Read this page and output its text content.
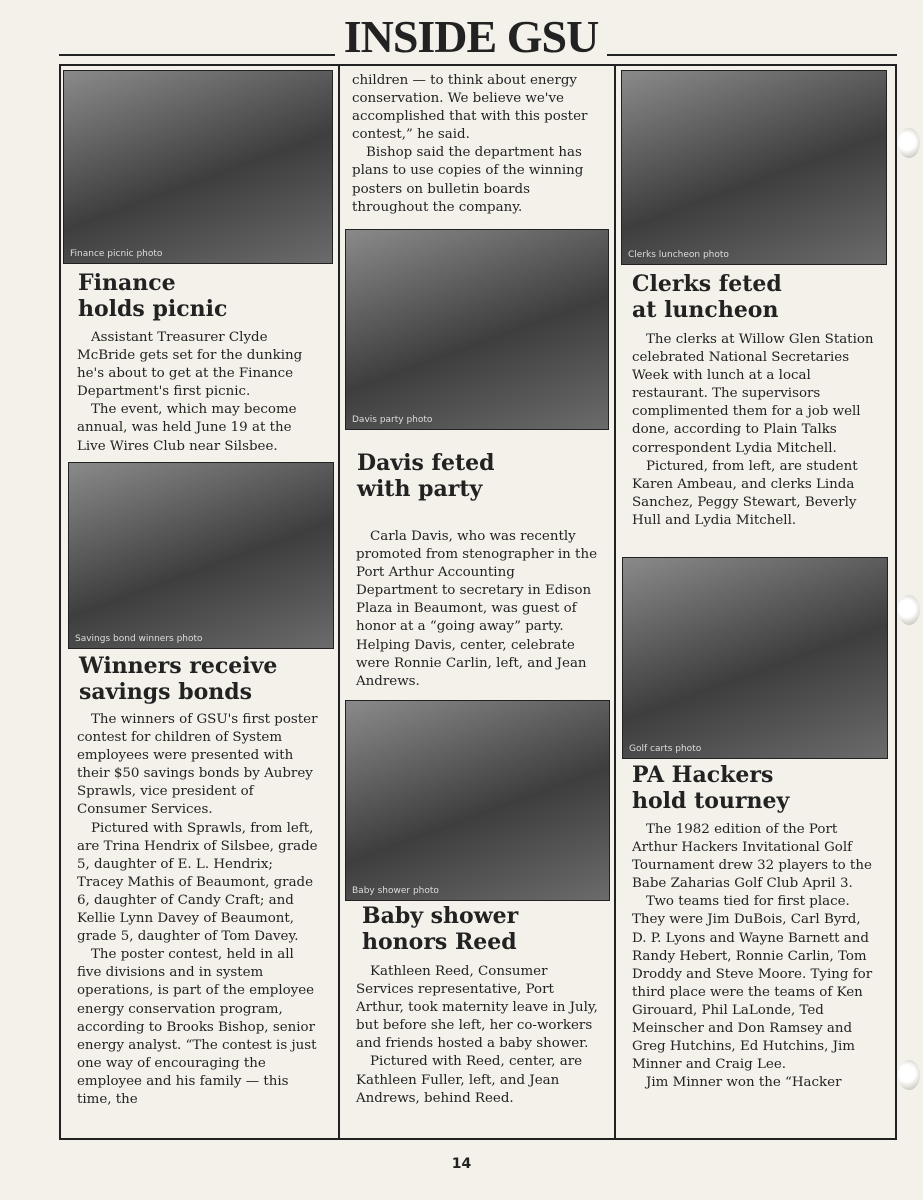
INSIDE GSU
Finance picnic photo
Finance
holds picnic

Assistant Treasurer Clyde McBride gets set for the dunking he's about to get at the Finance Department's first picnic.

The event, which may become annual, was held June 19 at the Live Wires Club near Silsbee.

Savings bond winners photo
Winners receive
savings bonds

The winners of GSU's first poster contest for children of System employees were presented with their $50 savings bonds by Aubrey Sprawls, vice president of Consumer Services.

Pictured with Sprawls, from left, are Trina Hendrix of Silsbee, grade 5, daughter of E. L. Hendrix; Tracey Mathis of Beaumont, grade 6, daughter of Candy Craft; and Kellie Lynn Davey of Beaumont, grade 5, daughter of Tom Davey.

The poster contest, held in all five divisions and in system operations, is part of the employee energy conservation program, according to Brooks Bishop, senior energy analyst. “The contest is just one way of encouraging the employee and his family — this time, the

children — to think about energy conservation. We believe we've accomplished that with this poster contest,” he said.

Bishop said the department has plans to use copies of the winning posters on bulletin boards throughout the company.

Davis party photo
Davis feted
with party

Carla Davis, who was recently promoted from stenographer in the Port Arthur Accounting Department to secretary in Edison Plaza in Beaumont, was guest of honor at a “going away” party. Helping Davis, center, celebrate were Ronnie Carlin, left, and Jean Andrews.

Baby shower photo
Baby shower
honors Reed

Kathleen Reed, Consumer Services representative, Port Arthur, took maternity leave in July, but before she left, her co-workers and friends hosted a baby shower.

Pictured with Reed, center, are Kathleen Fuller, left, and Jean Andrews, behind Reed.

Clerks luncheon photo
Clerks feted
at luncheon

The clerks at Willow Glen Station celebrated National Secretaries Week with lunch at a local restaurant. The supervisors complimented them for a job well done, according to Plain Talks correspondent Lydia Mitchell.

Pictured, from left, are student Karen Ambeau, and clerks Linda Sanchez, Peggy Stewart, Beverly Hull and Lydia Mitchell.

Golf carts photo
PA Hackers
hold tourney

The 1982 edition of the Port Arthur Hackers Invitational Golf Tournament drew 32 players to the Babe Zaharias Golf Club April 3.

Two teams tied for first place. They were Jim DuBois, Carl Byrd, D. P. Lyons and Wayne Barnett and Randy Hebert, Ronnie Carlin, Tom Droddy and Steve Moore. Tying for third place were the teams of Ken Girouard, Phil LaLonde, Ted Meinscher and Don Ramsey and Greg Hutchins, Ed Hutchins, Jim Minner and Craig Lee.

Jim Minner won the “Hacker

14
